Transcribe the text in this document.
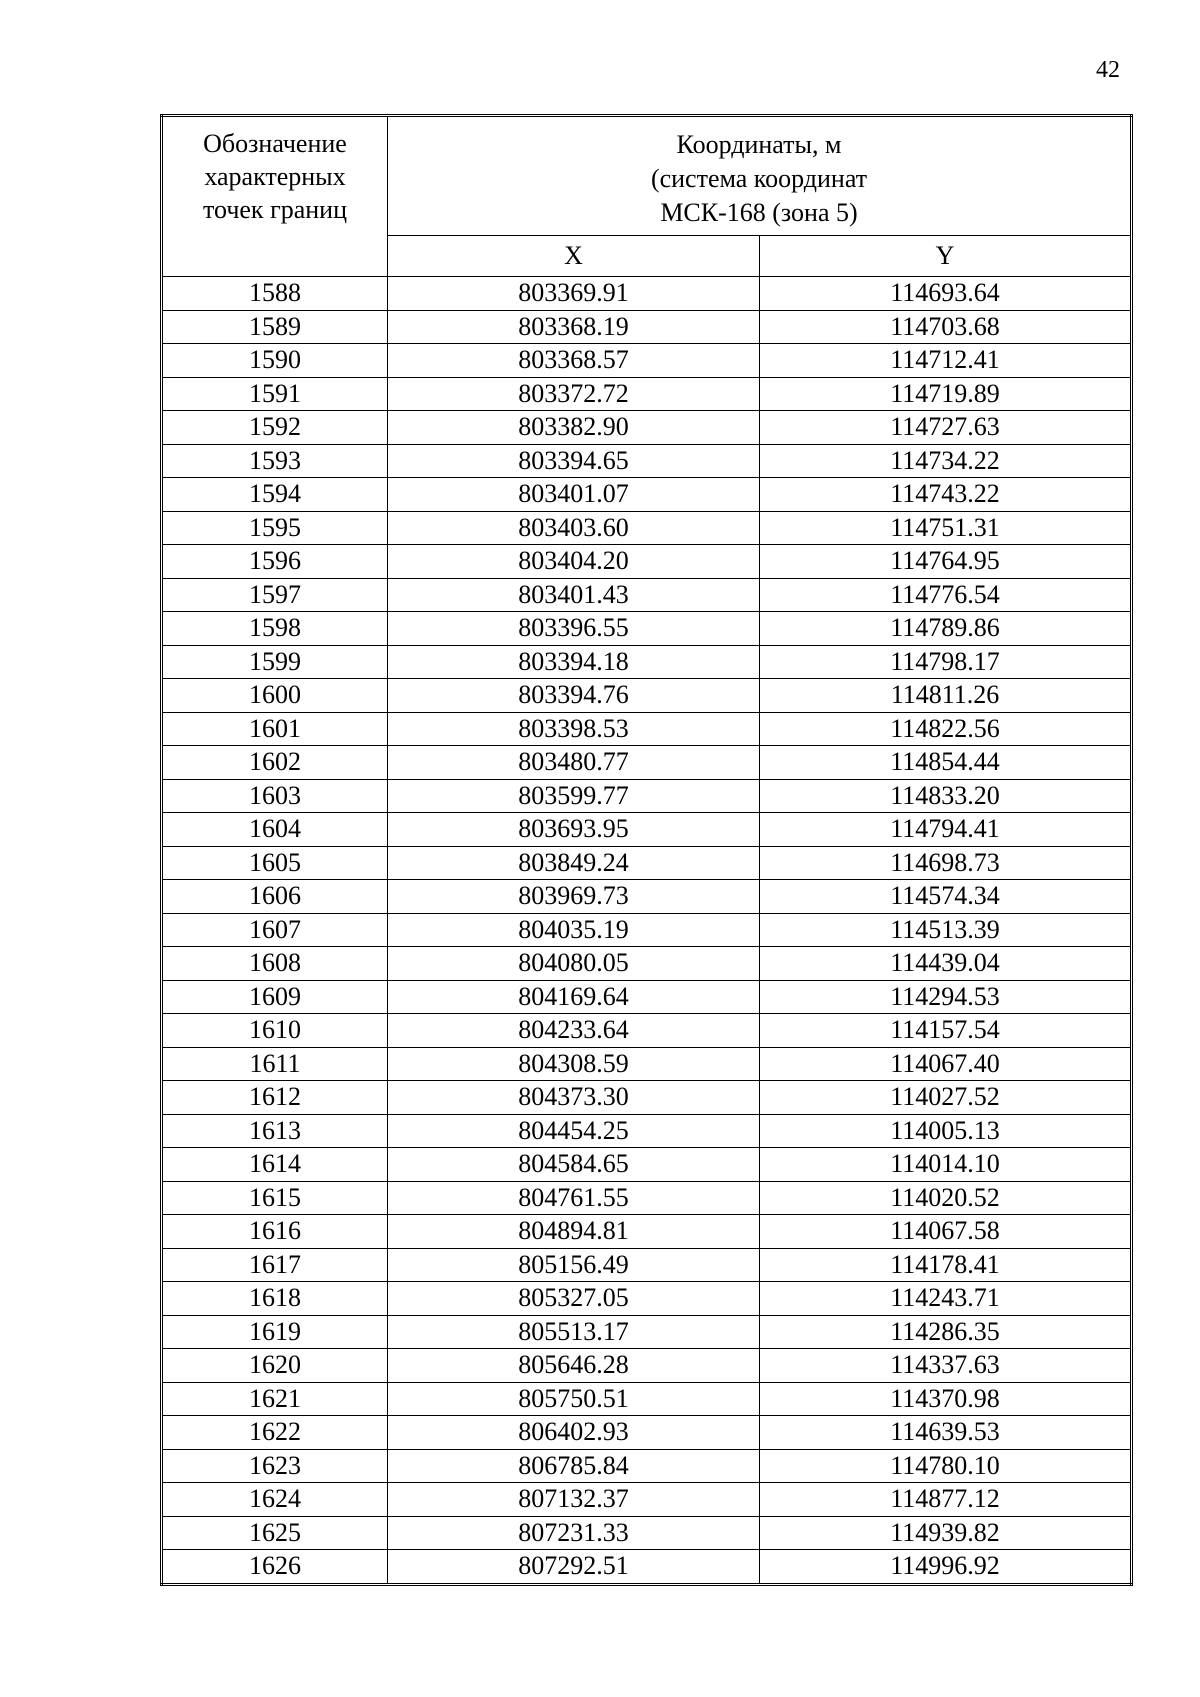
42
Обозначение
характерных
точек границ	Координаты, м
(система координат
МСК-168 (зона 5)	

	X	Y
1588	803369.91	114693.64
1589	803368.19	114703.68
1590	803368.57	114712.41
1591	803372.72	114719.89
1592	803382.90	114727.63
1593	803394.65	114734.22
1594	803401.07	114743.22
1595	803403.60	114751.31
1596	803404.20	114764.95
1597	803401.43	114776.54
1598	803396.55	114789.86
1599	803394.18	114798.17
1600	803394.76	114811.26
1601	803398.53	114822.56
1602	803480.77	114854.44
1603	803599.77	114833.20
1604	803693.95	114794.41
1605	803849.24	114698.73
1606	803969.73	114574.34
1607	804035.19	114513.39
1608	804080.05	114439.04
1609	804169.64	114294.53
1610	804233.64	114157.54
1611	804308.59	114067.40
1612	804373.30	114027.52
1613	804454.25	114005.13
1614	804584.65	114014.10
1615	804761.55	114020.52
1616	804894.81	114067.58
1617	805156.49	114178.41
1618	805327.05	114243.71
1619	805513.17	114286.35
1620	805646.28	114337.63
1621	805750.51	114370.98
1622	806402.93	114639.53
1623	806785.84	114780.10
1624	807132.37	114877.12
1625	807231.33	114939.82
1626	807292.51	114996.92
